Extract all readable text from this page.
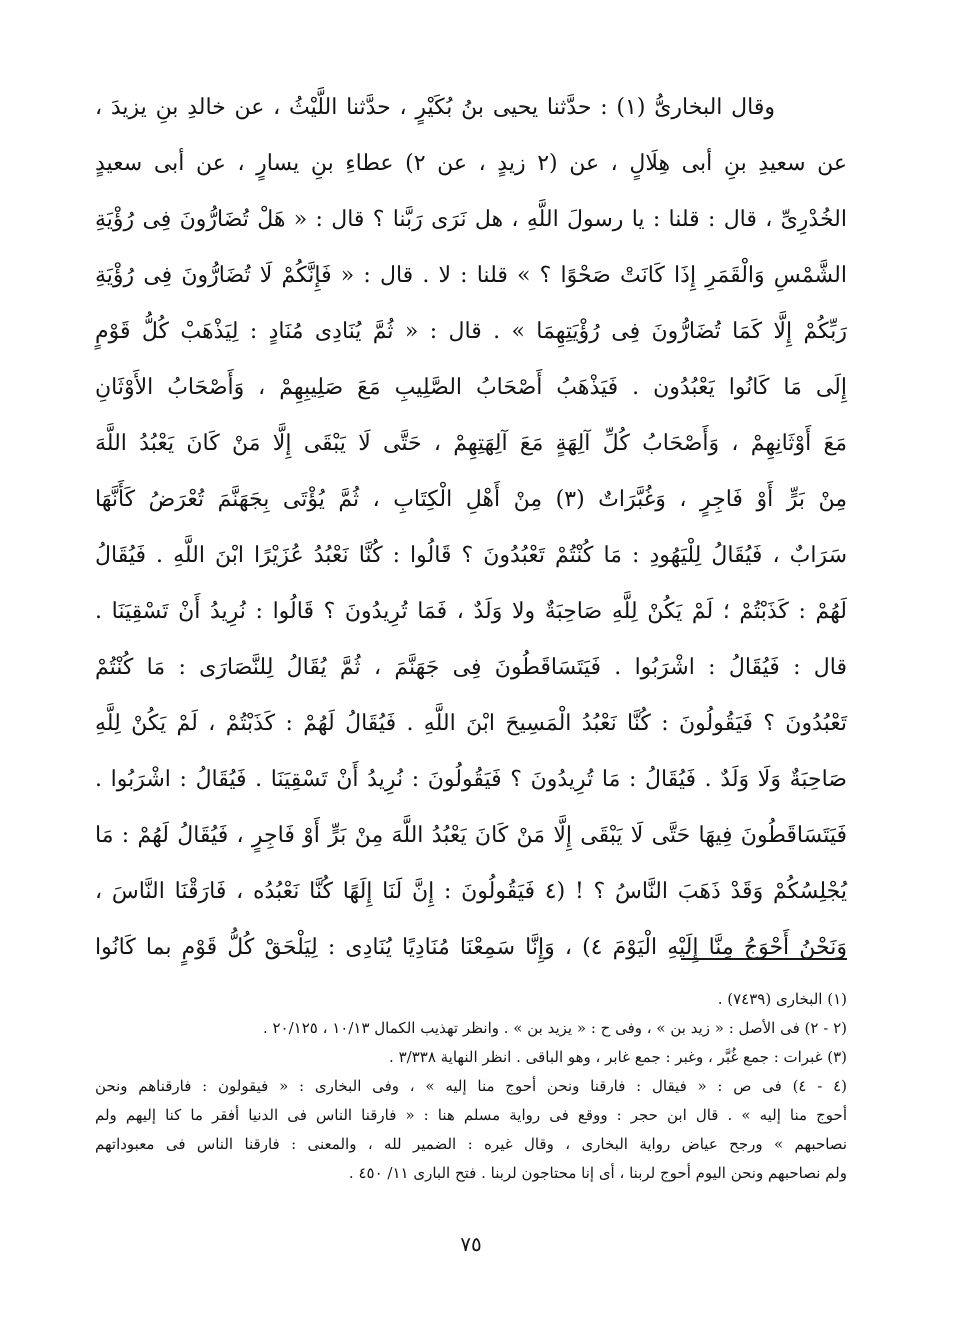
وقال البخارىُّ (١) : حدَّثنا يحيى بنُ بُكَيْرٍ ، حدَّثنا اللَّيْثُ ، عن خالدِ بنِ يزيدَ ،
عن سعيدِ بنِ أبى هِلَالٍ ، عن (٢ زيدٍ ، عن ٢) عطاءِ بنِ يسارٍ ، عن أبى سعيدٍ
الخُدْرِىِّ ، قال : قلنا : يا رسولَ اللَّهِ ، هل نَرَى رَبَّنا ؟ قال : « هَلْ تُضَارُّونَ فِى رُؤْيَةِ
الشَّمْسِ وَالْقَمَرِ إِذَا كَانَتْ صَحْوًا ؟ » قلنا : لا . قال : « فَإِنَّكُمْ لَا تُضَارُّونَ فِى رُؤْيَةِ
رَبِّكُمْ إِلَّا كَمَا تُضَارُّونَ فِى رُؤْيَتِهِمَا » . قال : « ثُمَّ يُنَادِى مُنَادٍ : لِيَذْهَبْ كُلُّ قَوْمٍ
إِلَى مَا كَانُوا يَعْبُدُون . فَيَذْهَبُ أَصْحَابُ الصَّلِيبِ مَعَ صَلِيبِهِمْ ، وَأَصْحَابُ الأَوْثَانِ
مَعَ أَوْثَانِهِمْ ، وَأَصْحَابُ كُلِّ آلِهَةٍ مَعَ آلِهَتِهِمْ ، حَتَّى لَا يَبْقَى إِلَّا مَنْ كَانَ يَعْبُدُ اللَّهَ
مِنْ بَرٍّ أَوْ فَاجِرٍ ، وَغُبَّرَاتٌ (٣) مِنْ أَهْلِ الْكِتَابِ ، ثُمَّ يُؤْتَى بِجَهَنَّمَ تُعْرَضُ كَأَنَّهَا
سَرَابٌ ، فَيُقَالُ لِلْيَهُودِ : مَا كُنْتُمْ تَعْبُدُونَ ؟ قَالُوا : كُنَّا نَعْبُدُ عُزَيْرًا ابْنَ اللَّهِ . فَيُقَالُ
لَهُمْ : كَذَبْتُمْ ؛ لَمْ يَكُنْ لِلَّهِ صَاحِبَةٌ ولا وَلَدٌ ، فَمَا تُرِيدُونَ ؟ قَالُوا : نُرِيدُ أَنْ تَسْقِيَنَا .
قال : فَيُقَالُ : اشْرَبُوا . فَيَتَسَاقَطُونَ فِى جَهَنَّمَ ، ثُمَّ يُقَالُ لِلنَّصَارَى : مَا كُنْتُمْ
تَعْبُدُونَ ؟ فَيَقُولُونَ : كُنَّا نَعْبُدُ الْمَسِيحَ ابْنَ اللَّهِ . فَيُقَالُ لَهُمْ : كَذَبْتُمْ ، لَمْ يَكُنْ لِلَّهِ
صَاحِبَةٌ وَلَا وَلَدٌ . فَيُقَالُ : مَا تُرِيدُونَ ؟ فَيَقُولُونَ : نُرِيدُ أَنْ تَسْقِيَنَا . فَيُقَالُ : اشْرَبُوا .
فَيَتَسَاقَطُونَ فِيهَا حَتَّى لَا يَبْقَى إِلَّا مَنْ كَانَ يَعْبُدُ اللَّهَ مِنْ بَرٍّ أَوْ فَاجِرٍ ، فَيُقَالُ لَهُمْ : مَا
يُجْلِسُكُمْ وَقَدْ ذَهَبَ النَّاسُ ؟ ! (٤ فَيَقُولُونَ : إِنَّ لَنَا إِلَهًا كُنَّا نَعْبُدُه ، فَارَقْنَا النَّاسَ ،
وَنَحْنُ أَحْوَجُ مِنَّا إِلَيْهِ الْيَوْمَ ٤) ، وَإِنَّا سَمِعْنَا مُنَادِيًا يُنَادِى : لِيَلْحَقْ كُلُّ قَوْمٍ بما كَانُوا
(١) البخارى (٧٤٣٩) .
(٢ - ٢) فى الأصل : « زيد بن » ، وفى ح : « يزيد بن » . وانظر تهذيب الكمال ١٠/١٣ ، ٢٠/١٢٥ .
(٣) غبرات : جمع غُبَّر ، وغبر : جمع غابر ، وهو الباقى . انظر النهاية ٣/٣٣٨ .
(٤ - ٤) فى ص : « فيقال : فارقنا ونحن أحوج منا إليه » ، وفى البخارى : « فيقولون : فارقناهم ونحن
أحوج منا إليه » . قال ابن حجر : ووقع فى رواية مسلم هنا : « فارقنا الناس فى الدنيا أفقر ما كنا إليهم ولم
نصاحبهم » ورجح عياض رواية البخارى ، وقال غيره : الضمير لله ، والمعنى : فارقنا الناس فى معبوداتهم
ولم نصاحبهم ونحن اليوم أحوج لربنا ، أى إنا محتاجون لربنا . فتح البارى ١١/ ٤٥٠ .
٧٥
